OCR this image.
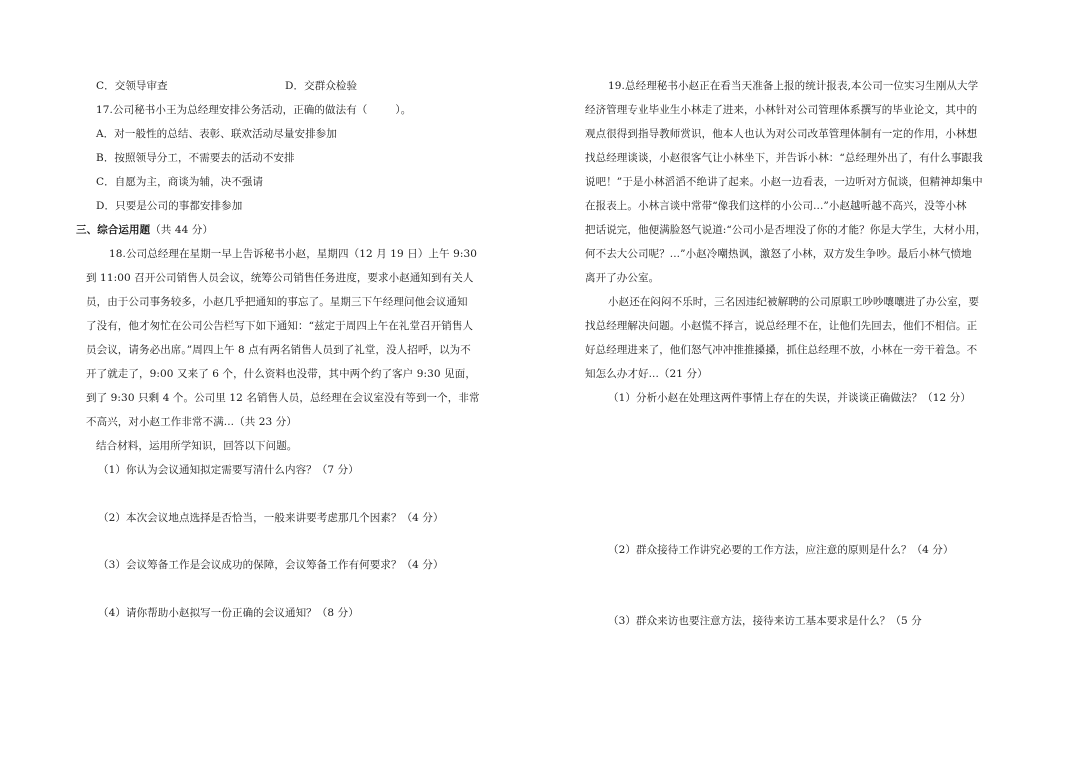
C．交领导审查	D．交群众检验
17.公司秘书小王为总经理安排公务活动，正确的做法有（	）。
A．对一般性的总结、表彰、联欢活动尽量安排参加
B．按照领导分工，不需要去的活动不安排
C．自愿为主，商谈为辅，决不强请
D．只要是公司的事都安排参加
三、综合运用题（共 44 分）
18.公司总经理在星期一早上告诉秘书小赵，星期四（12 月 19 日）上午 9:30
到 11:00 召开公司销售人员会议，统筹公司销售任务进度，要求小赵通知到有关人
员，由于公司事务较多，小赵几乎把通知的事忘了。星期三下午经理问他会议通知
了没有，他才匆忙在公司公告栏写下如下通知：“兹定于周四上午在礼堂召开销售人
员会议，请务必出席。”周四上午 8 点有两名销售人员到了礼堂，没人招呼，以为不
开了就走了，9:00 又来了 6 个，什么资料也没带，其中两个约了客户 9:30 见面，
到了 9:30 只剩 4 个。公司里 12 名销售人员，总经理在会议室没有等到一个，非常
不高兴，对小赵工作非常不满...（共 23 分）
结合材料，运用所学知识，回答以下问题。
（1）你认为会议通知拟定需要写清什么内容？（7 分）
（2）本次会议地点选择是否恰当，一般来讲要考虑那几个因素？（4 分）
（3）会议筹备工作是会议成功的保障，会议筹备工作有何要求？（4 分）
（4）请你帮助小赵拟写一份正确的会议通知？（8 分）
19.总经理秘书小赵正在看当天准备上报的统计报表,本公司一位实习生刚从大学
经济管理专业毕业生小林走了进来，小林针对公司管理体系撰写的毕业论文，其中的
观点很得到指导教师赏识，他本人也认为对公司改革管理体制有一定的作用，小林想
找总经理谈谈，小赵很客气让小林坐下，并告诉小林：“总经理外出了，有什么事跟我
说吧！”于是小林滔滔不绝讲了起来。小赵一边看表，一边听对方侃谈，但精神却集中
在报表上。小林言谈中常带“像我们这样的小公司...”小赵越听越不高兴，没等小林
把话说完，他便满脸怒气说道:“公司小是否埋没了你的才能？你是大学生，大材小用，
何不去大公司呢？...”小赵冷嘲热讽，激怒了小林，双方发生争吵。最后小林气愤地
离开了办公室。
小赵还在闷闷不乐时，三名因违纪被解聘的公司原职工吵吵嚷嚷进了办公室，要
找总经理解决问题。小赵慌不择言，说总经理不在，让他们先回去，他们不相信。正
好总经理进来了，他们怒气冲冲推推搡搡，抓住总经理不放，小林在一旁干着急。不
知怎么办才好...（21 分）
（1）分析小赵在处理这两件事情上存在的失误，并谈谈正确做法？（12 分）
（2）群众接待工作讲究必要的工作方法，应注意的原则是什么？（4 分）
（3）群众来访也要注意方法，接待来访工基本要求是什么？（5 分
